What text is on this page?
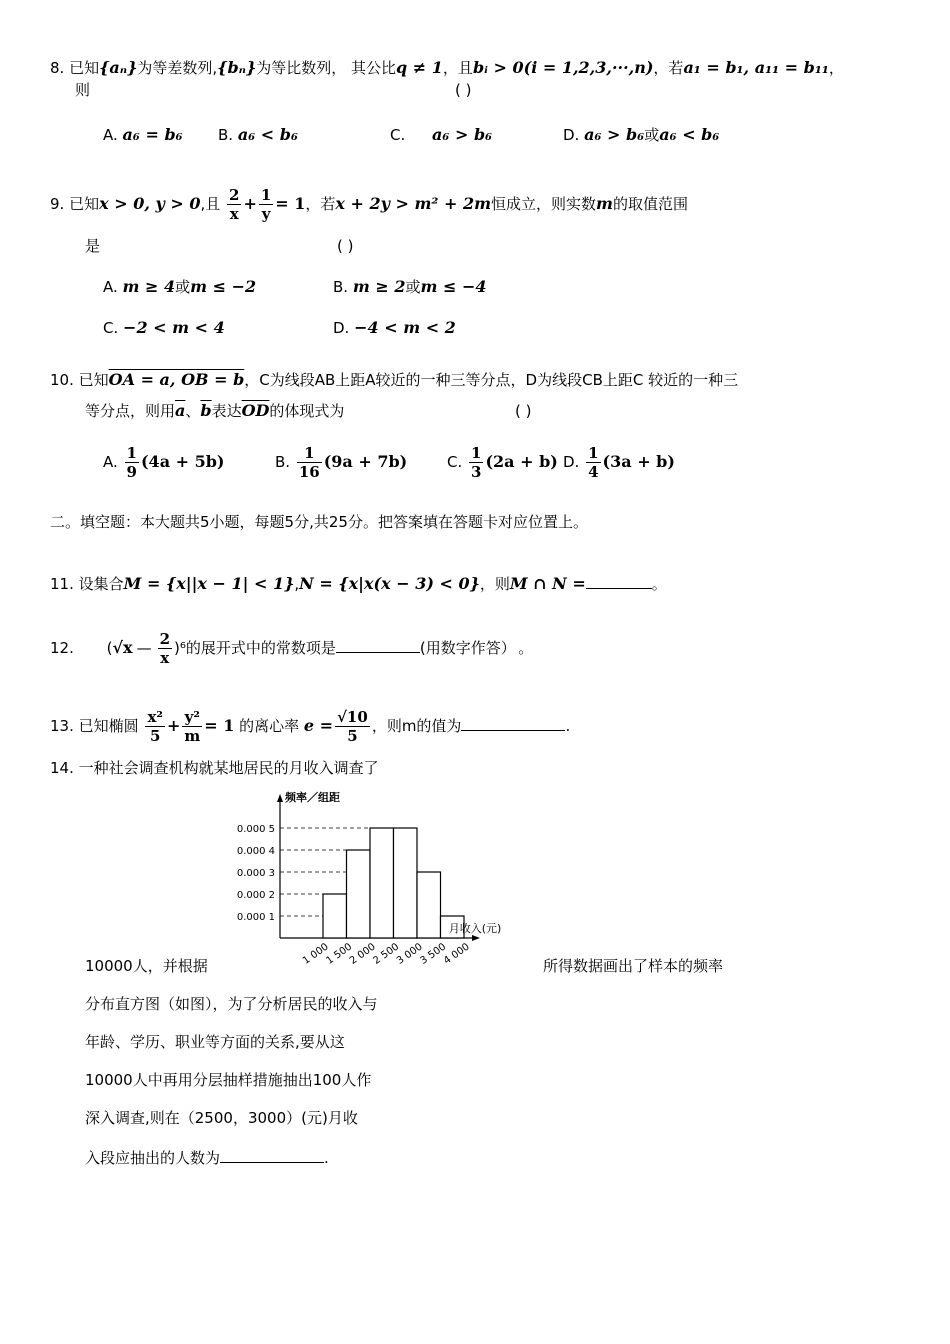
8. 已知{aₙ}为等差数列,{bₙ}为等比数列， 其公比q ≠ 1，且bᵢ > 0(i = 1,2,3,···,n)，若a₁ = b₁, a₁₁ = b₁₁，
则	( )
A. a₆ = b₆ B. a₆ < b₆	C. a₆ > b₆	D. a₆ > b₆或a₆ < b₆
9. 已知x > 0, y > 0,且 $\frac{2}{x} + \frac{1}{y} = 1$，若x + 2y > m² + 2m恒成立，则实数m的取值范围
是	( )
A. m ≥ 4或m ≤ −2	B. m ≥ 2或m ≤ −4
C. −2 < m < 4	D. −4 < m < 2
10. 已知OA = a, OB = b，C为线段AB上距A较近的一种三等分点，D为线段CB上距C 较近的一种三
等分点，则用$\overline{a}$、$\overline{b}$表达$\overline{OD}$的体现式为	( )
A. $\frac{1}{9} (4a + 5b)$	B. $\frac{1}{16} (9a + 7b)$	C. $\frac{1}{3} (2a + b)$ D. $\frac{1}{4} (3a + b)$
二。填空题：本大题共5小题，每题5分,共25分。把答案填在答题卡对应位置上。
11. 设集合M = {x||x − 1| < 1},N = {x|x(x − 3) < 0}，则M ∩ N =	。
12. (√x — $\frac{2}{x} )^6$的展开式中的常数项是	(用数字作答） 。
13. 已知椭圆 $\frac{\text{x²}}{5} + \frac{\text{y²}}{m} = 1$ 的离心率 $e = \frac{√10}{5}$ ，则m的值为	.
14. 一种社会调查机构就某地居民的月收入调查了
0.000 1
0.000 2
0.000 3
0.000 4
0.000 5
1 000
1 500
2 000
2 500
3 000
3 500
4 000
频率／组距
月收入(元)
10000人，并根据	所得数据画出了样本的频率
分布直方图（如图），为了分析居民的收入与
年龄、学历、职业等方面的关系,要从这
10000人中再用分层抽样措施抽出100人作
深入调查,则在（2500，3000）(元)月收
入段应抽出的人数为	.
